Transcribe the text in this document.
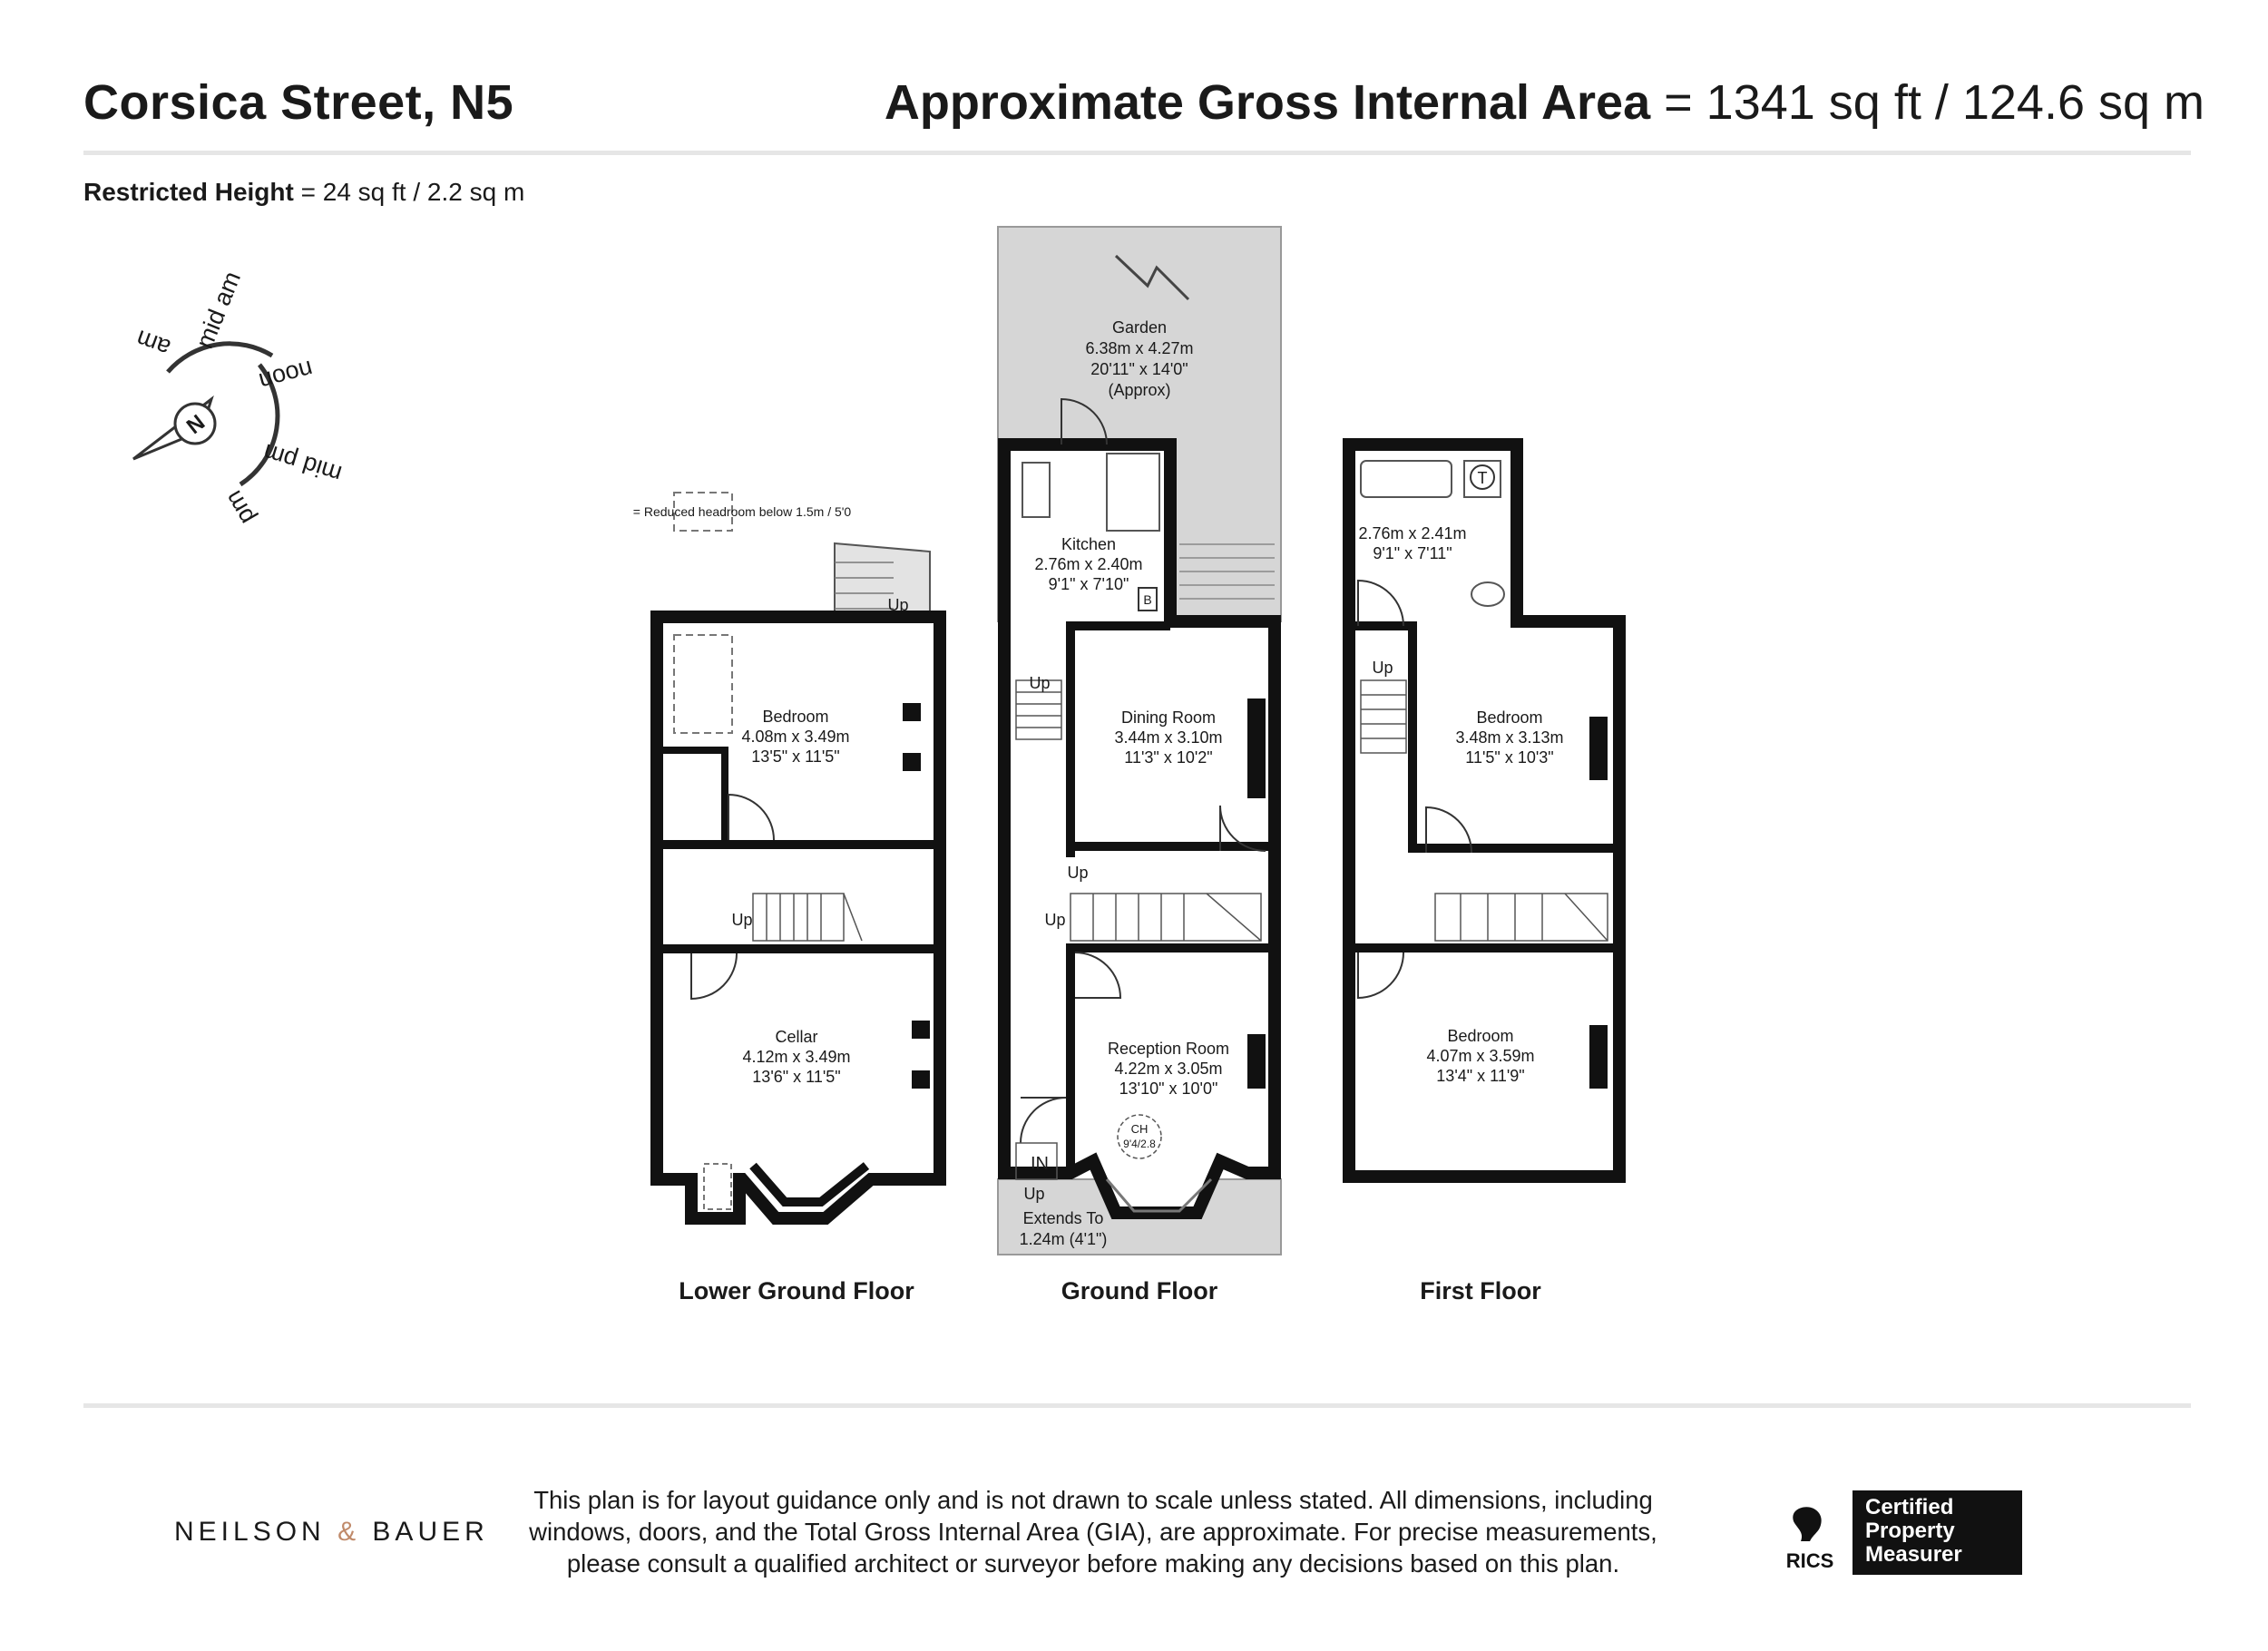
Corsica Street, N5	Approximate Gross Internal Area = 1341 sq ft / 124.6 sq m
Restricted Height = 24 sq ft / 2.2 sq m
N
am mid am
noon
mid pm
pm	= Reduced headroom below 1.5m / 5'0
Up
Up
Bedroom
4.08m x 3.49m
13'5" x 11'5"
Cellar
4.12m x 3.49m
13'6" x 11'5"
Lower Ground Floor
Garden
6.38m x 4.27m
20'11" x 14'0"
(Approx)
B
Kitchen
2.76m x 2.40m
9'1" x 7'10"
Up
Up
Up
Dining Room
3.44m x 3.10m
11'3" x 10'2"
Reception Room
4.22m x 3.05m
13'10" x 10'0"
CH
9'4/2.8
IN
Up
Extends To
1.24m (4'1")
Ground Floor
T
2.76m x 2.41m
9'1" x 7'11"
Up
Bedroom
3.48m x 3.13m
11'5" x 10'3"
Bedroom
4.07m x 3.59m
13'4" x 11'9"
First Floor
NEILSON & BAUER
This plan is for layout guidance only and is not drawn to scale unless stated. All dimensions, including windows, doors, and the Total Gross Internal Area (GIA), are approximate. For precise measurements, please consult a qualified architect or surveyor before making any decisions based on this plan.	RICS
Certified
Property
Measurer
